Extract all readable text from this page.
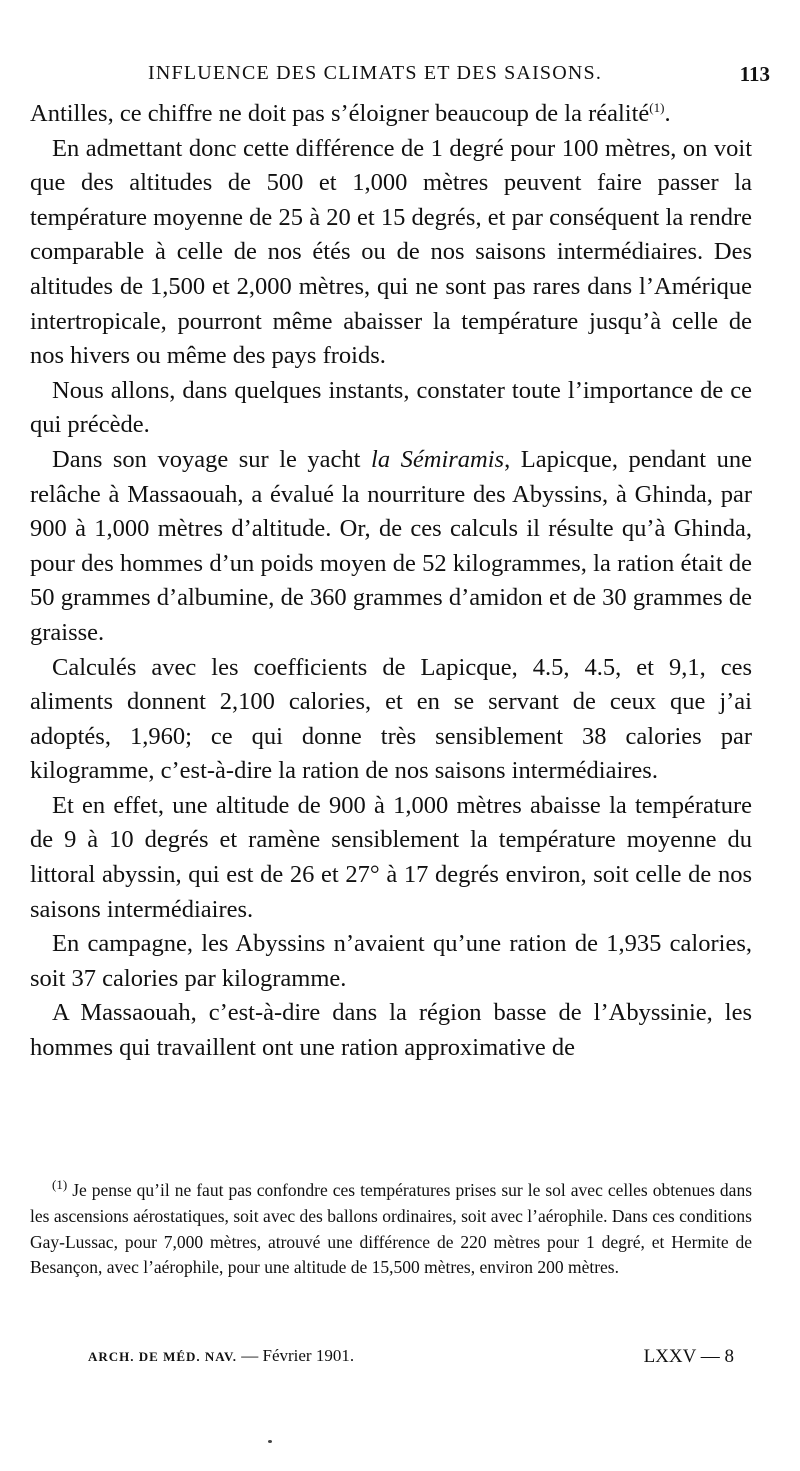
INFLUENCE DES CLIMATS ET DES SAISONS.	113

Antilles, ce chiffre ne doit pas s’éloigner beaucoup de la réalité$^{(1)}$.

En admettant donc cette différence de 1 degré pour 100 mètres, on voit que des altitudes de 500 et 1,000 mètres peuvent faire passer la température moyenne de 25 à 20 et 15 degrés, et par conséquent la rendre comparable à celle de nos étés ou de nos saisons intermédiaires. Des altitudes de 1,500 et 2,000 mètres, qui ne sont pas rares dans l’Amérique intertropicale, pourront même abaisser la température jusqu’à celle de nos hivers ou même des pays froids.

Nous allons, dans quelques instants, constater toute l’importance de ce qui précède.

Dans son voyage sur le yacht la Sémiramis, Lapicque, pendant une relâche à Massaouah, a évalué la nourriture des Abyssins, à Ghinda, par 900 à 1,000 mètres d’altitude. Or, de ces calculs il résulte qu’à Ghinda, pour des hommes d’un poids moyen de 52 kilogrammes, la ration était de 50 grammes d’albumine, de 360 grammes d’amidon et de 30 grammes de graisse.

Calculés avec les coefficients de Lapicque, 4.5, 4.5, et 9,1, ces aliments donnent 2,100 calories, et en se servant de ceux que j’ai adoptés, 1,960; ce qui donne très sensiblement 38 calories par kilogramme, c’est-à-dire la ration de nos saisons intermédiaires.

Et en effet, une altitude de 900 à 1,000 mètres abaisse la température de 9 à 10 degrés et ramène sensiblement la température moyenne du littoral abyssin, qui est de 26 et 27° à 17 degrés environ, soit celle de nos saisons intermédiaires.

En campagne, les Abyssins n’avaient qu’une ration de 1,935 calories, soit 37 calories par kilogramme.

A Massaouah, c’est-à-dire dans la région basse de l’Abyssinie, les hommes qui travaillent ont une ration approximative de

$^{(1)}$ Je pense qu’il ne faut pas confondre ces températures prises sur le sol avec celles obtenues dans les ascensions aérostatiques, soit avec des ballons ordinaires, soit avec l’aérophile. Dans ces conditions Gay-Lussac, pour 7,000 mètres, atrouvé une différence de 220 mètres pour 1 degré, et Hermite de Besançon, avec l’aérophile, pour une altitude de 15,500 mètres, environ 200 mètres.

ARCH. DE MÉD. NAV. — Février 1901.	LXXV — 8
